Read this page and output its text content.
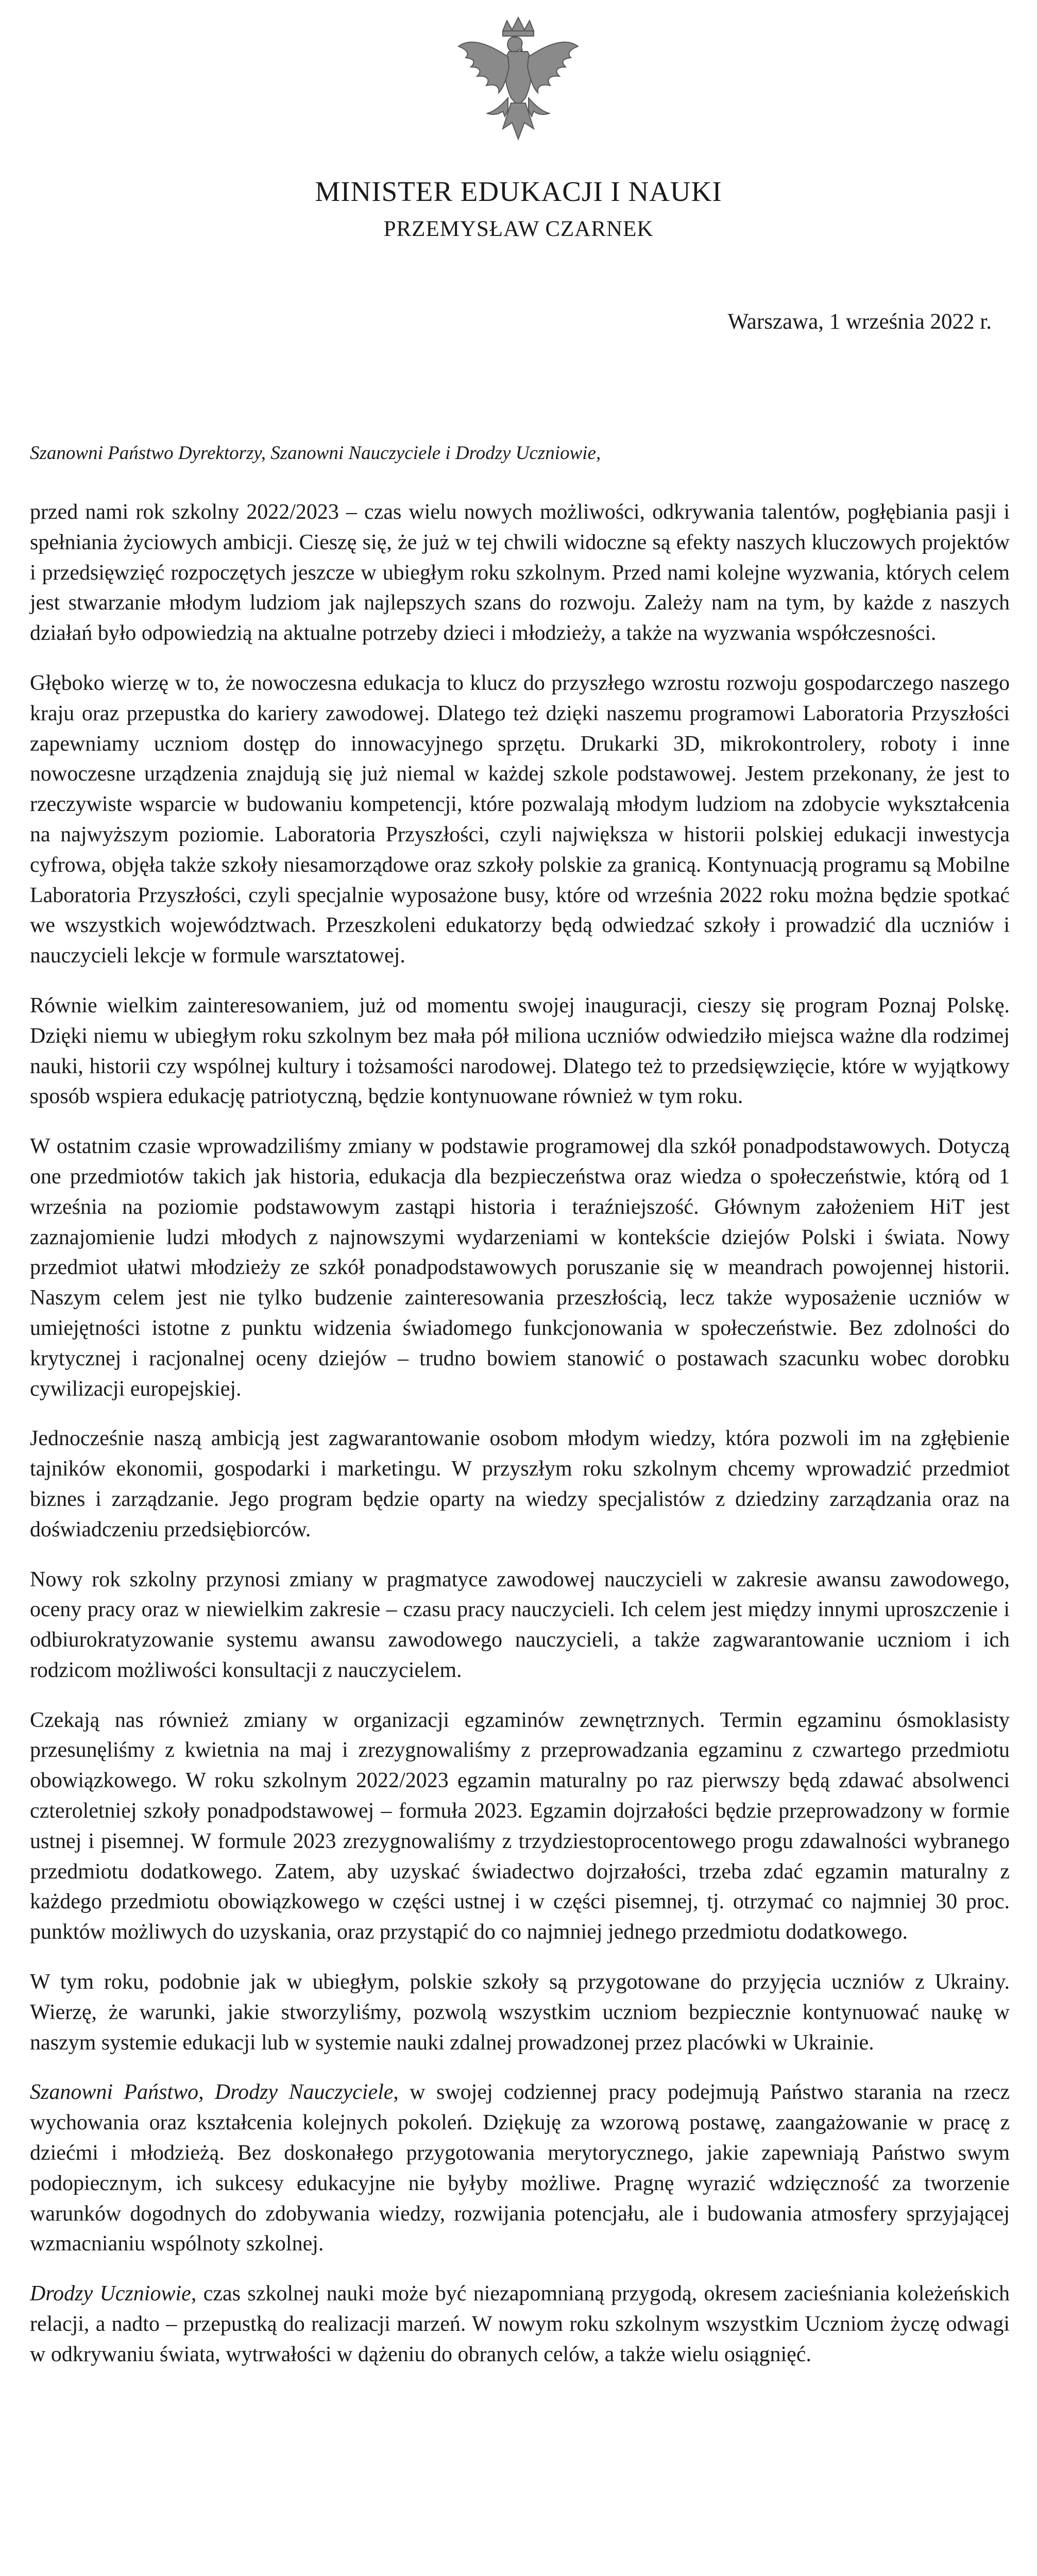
MINISTER EDUKACJI I NAUKI
PRZEMYSŁAW CZARNEK
Warszawa, 1 września 2022 r.
Szanowni Państwo Dyrektorzy, Szanowni Nauczyciele i Drodzy Uczniowie,

przed nami rok szkolny 2022/2023 – czas wielu nowych możliwości, odkrywania talentów, pogłębiania pasji i spełniania życiowych ambicji. Cieszę się, że już w tej chwili widoczne są efekty naszych kluczowych projektów i przedsięwzięć rozpoczętych jeszcze w ubiegłym roku szkolnym. Przed nami kolejne wyzwania, których celem jest stwarzanie młodym ludziom jak najlepszych szans do rozwoju. Zależy nam na tym, by każde z naszych działań było odpowiedzią na aktualne potrzeby dzieci i młodzieży, a także na wyzwania współczesności.

Głęboko wierzę w to, że nowoczesna edukacja to klucz do przyszłego wzrostu rozwoju gospodarczego naszego kraju oraz przepustka do kariery zawodowej. Dlatego też dzięki naszemu programowi Laboratoria Przyszłości zapewniamy uczniom dostęp do innowacyjnego sprzętu. Drukarki 3D, mikrokontrolery, roboty i inne nowoczesne urządzenia znajdują się już niemal w każdej szkole podstawowej. Jestem przekonany, że jest to rzeczywiste wsparcie w budowaniu kompetencji, które pozwalają młodym ludziom na zdobycie wykształcenia na najwyższym poziomie. Laboratoria Przyszłości, czyli największa w historii polskiej edukacji inwestycja cyfrowa, objęła także szkoły niesamorządowe oraz szkoły polskie za granicą. Kontynuacją programu są Mobilne Laboratoria Przyszłości, czyli specjalnie wyposażone busy, które od września 2022 roku można będzie spotkać we wszystkich województwach. Przeszkoleni edukatorzy będą odwiedzać szkoły i prowadzić dla uczniów i nauczycieli lekcje w formule warsztatowej.

Równie wielkim zainteresowaniem, już od momentu swojej inauguracji, cieszy się program Poznaj Polskę. Dzięki niemu w ubiegłym roku szkolnym bez mała pół miliona uczniów odwiedziło miejsca ważne dla rodzimej nauki, historii czy wspólnej kultury i tożsamości narodowej. Dlatego też to przedsięwzięcie, które w wyjątkowy sposób wspiera edukację patriotyczną, będzie kontynuowane również w tym roku.

W ostatnim czasie wprowadziliśmy zmiany w podstawie programowej dla szkół ponadpodstawowych. Dotyczą one przedmiotów takich jak historia, edukacja dla bezpieczeństwa oraz wiedza o społeczeństwie, którą od 1 września na poziomie podstawowym zastąpi historia i teraźniejszość. Głównym założeniem HiT jest zaznajomienie ludzi młodych z najnowszymi wydarzeniami w kontekście dziejów Polski i świata. Nowy przedmiot ułatwi młodzieży ze szkół ponadpodstawowych poruszanie się w meandrach powojennej historii. Naszym celem jest nie tylko budzenie zainteresowania przeszłością, lecz także wyposażenie uczniów w umiejętności istotne z punktu widzenia świadomego funkcjonowania w społeczeństwie. Bez zdolności do krytycznej i racjonalnej oceny dziejów – trudno bowiem stanowić o postawach szacunku wobec dorobku cywilizacji europejskiej.

Jednocześnie naszą ambicją jest zagwarantowanie osobom młodym wiedzy, która pozwoli im na zgłębienie tajników ekonomii, gospodarki i marketingu. W przyszłym roku szkolnym chcemy wprowadzić przedmiot biznes i zarządzanie. Jego program będzie oparty na wiedzy specjalistów z dziedziny zarządzania oraz na doświadczeniu przedsiębiorców.

Nowy rok szkolny przynosi zmiany w pragmatyce zawodowej nauczycieli w zakresie awansu zawodowego, oceny pracy oraz w niewielkim zakresie – czasu pracy nauczycieli. Ich celem jest między innymi uproszczenie i odbiurokratyzowanie systemu awansu zawodowego nauczycieli, a także zagwarantowanie uczniom i ich rodzicom możliwości konsultacji z nauczycielem.

Czekają nas również zmiany w organizacji egzaminów zewnętrznych. Termin egzaminu ósmoklasisty przesunęliśmy z kwietnia na maj i zrezygnowaliśmy z przeprowadzania egzaminu z czwartego przedmiotu obowiązkowego. W roku szkolnym 2022/2023 egzamin maturalny po raz pierwszy będą zdawać absolwenci czteroletniej szkoły ponadpodstawowej – formuła 2023. Egzamin dojrzałości będzie przeprowadzony w formie ustnej i pisemnej. W formule 2023 zrezygnowaliśmy z trzydziestoprocentowego progu zdawalności wybranego przedmiotu dodatkowego. Zatem, aby uzyskać świadectwo dojrzałości, trzeba zdać egzamin maturalny z każdego przedmiotu obowiązkowego w części ustnej i w części pisemnej, tj. otrzymać co najmniej 30 proc. punktów możliwych do uzyskania, oraz przystąpić do co najmniej jednego przedmiotu dodatkowego.

W tym roku, podobnie jak w ubiegłym, polskie szkoły są przygotowane do przyjęcia uczniów z Ukrainy. Wierzę, że warunki, jakie stworzyliśmy, pozwolą wszystkim uczniom bezpiecznie kontynuować naukę w naszym systemie edukacji lub w systemie nauki zdalnej prowadzonej przez placówki w Ukrainie.

Szanowni Państwo, Drodzy Nauczyciele, w swojej codziennej pracy podejmują Państwo starania na rzecz wychowania oraz kształcenia kolejnych pokoleń. Dziękuję za wzorową postawę, zaangażowanie w pracę z dziećmi i młodzieżą. Bez doskonałego przygotowania merytorycznego, jakie zapewniają Państwo swym podopiecznym, ich sukcesy edukacyjne nie byłyby możliwe. Pragnę wyrazić wdzięczność za tworzenie warunków dogodnych do zdobywania wiedzy, rozwijania potencjału, ale i budowania atmosfery sprzyjającej wzmacnianiu wspólnoty szkolnej.

Drodzy Uczniowie, czas szkolnej nauki może być niezapomnianą przygodą, okresem zacieśniania koleżeńskich relacji, a nadto – przepustką do realizacji marzeń. W nowym roku szkolnym wszystkim Uczniom życzę odwagi w odkrywaniu świata, wytrwałości w dążeniu do obranych celów, a także wielu osiągnięć.
